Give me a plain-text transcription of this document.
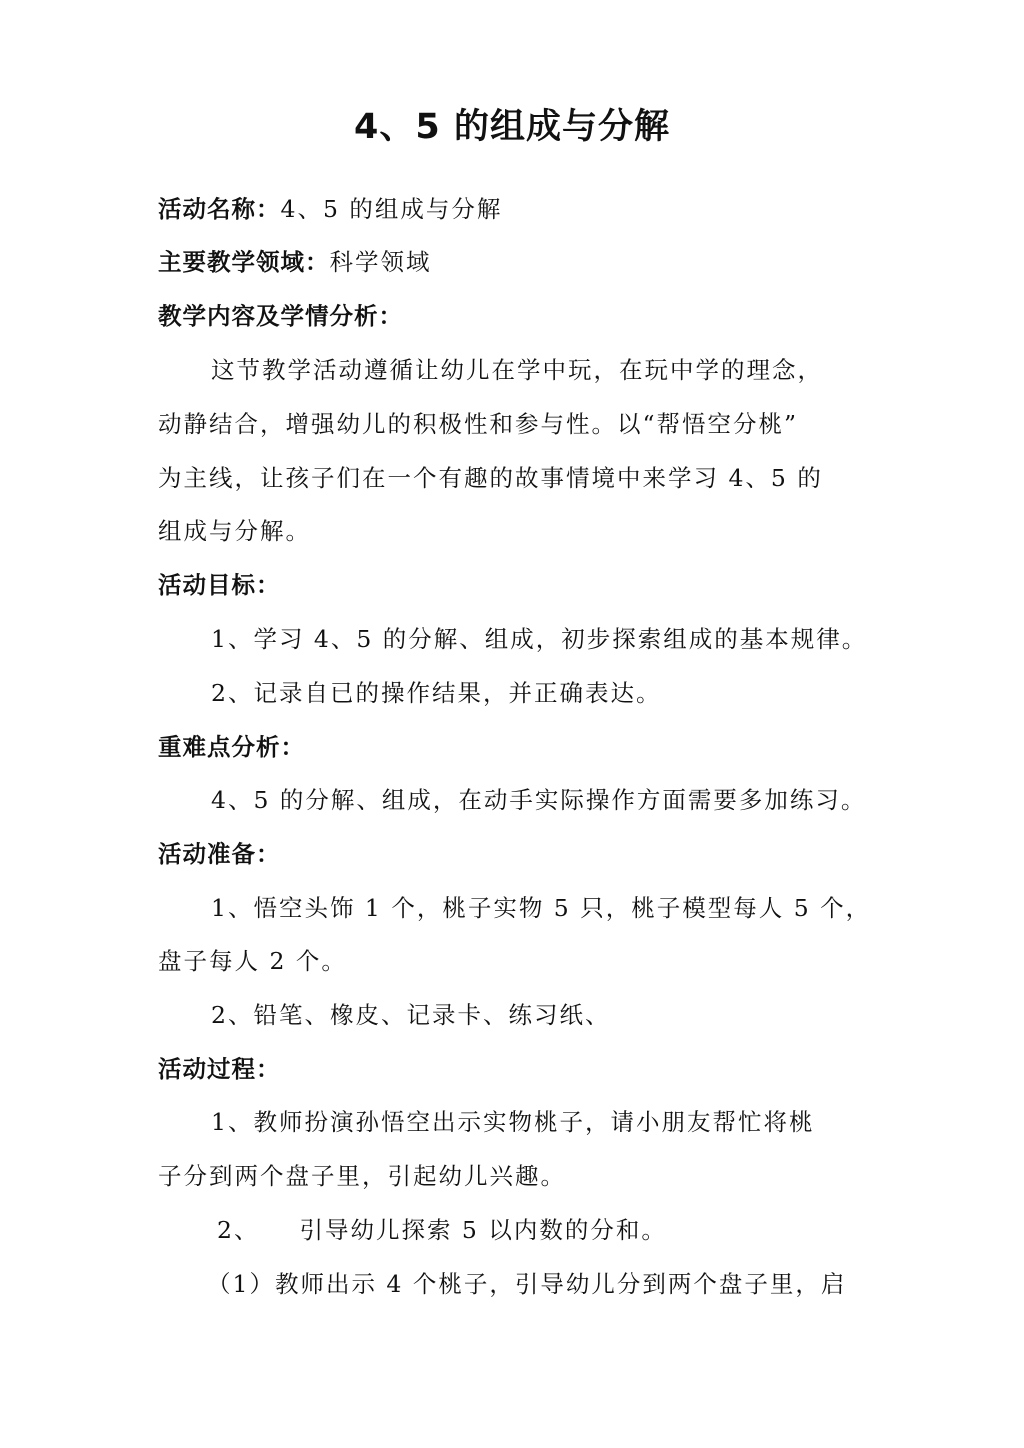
4、5 的组成与分解
活动名称：4、5 的组成与分解
主要教学领域：科学领域
教学内容及学情分析：
这节教学活动遵循让幼儿在学中玩，在玩中学的理念，
动静结合，增强幼儿的积极性和参与性。以“帮悟空分桃”
为主线，让孩子们在一个有趣的故事情境中来学习 4、5 的
组成与分解。
活动目标：
1、学习 4、5 的分解、组成，初步探索组成的基本规律。
2、记录自已的操作结果，并正确表达。
重难点分析：
4、5 的分解、组成，在动手实际操作方面需要多加练习。
活动准备：
1、悟空头饰 1 个，桃子实物 5 只，桃子模型每人 5 个，
盘子每人 2 个。
2、铅笔、橡皮、记录卡、练习纸、
活动过程：
1、教师扮演孙悟空出示实物桃子，请小朋友帮忙将桃
子分到两个盘子里，引起幼儿兴趣。
2、 引导幼儿探索 5 以内数的分和。
（1）教师出示 4 个桃子，引导幼儿分到两个盘子里，启
